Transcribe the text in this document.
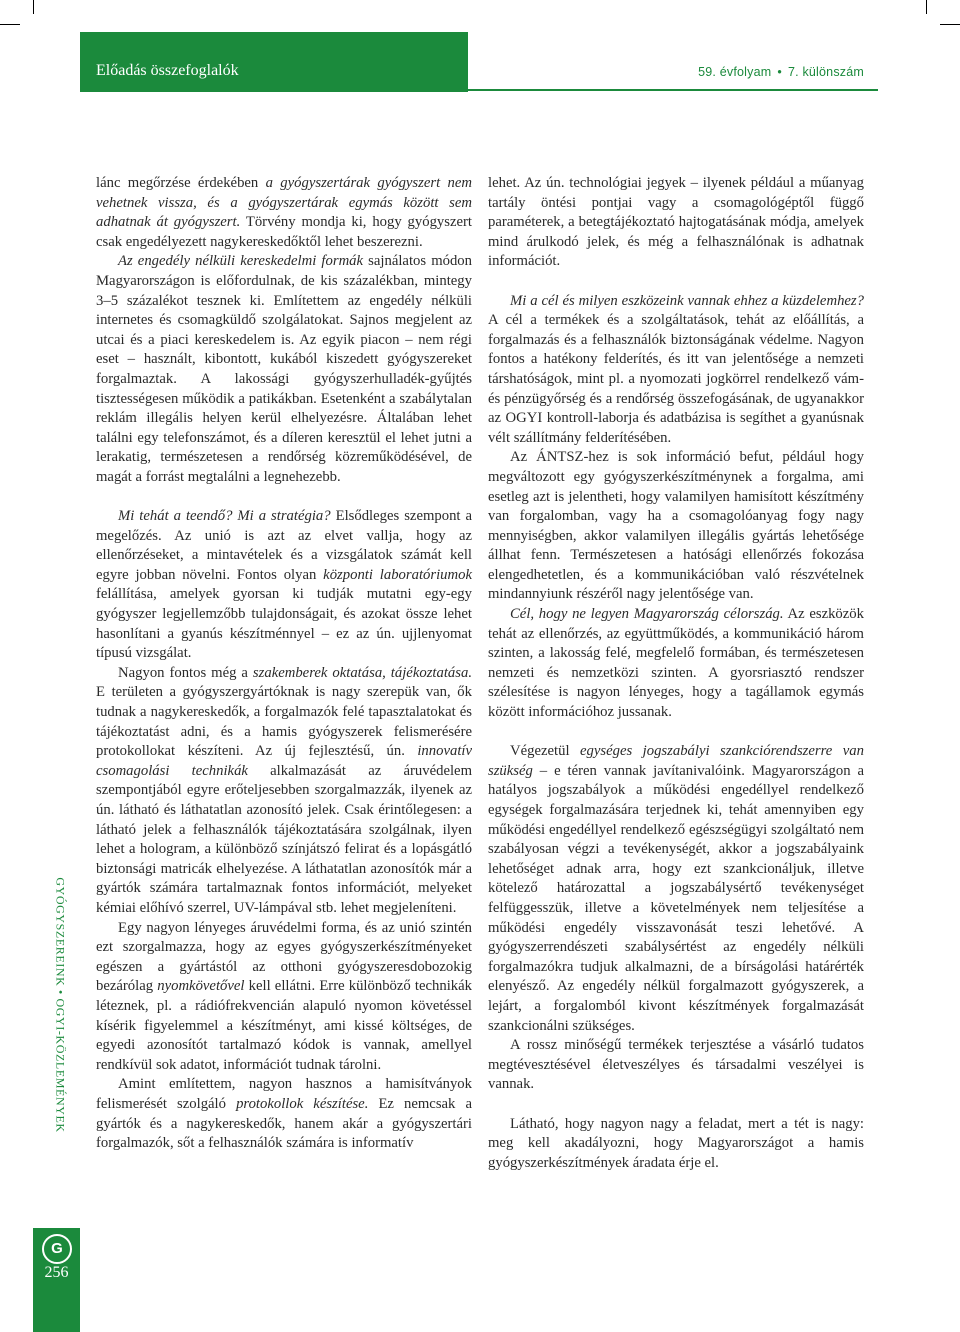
Előadás összefoglalók	59. évfolyam • 7. különszám
GYÓGYSZEREINK • OGYI-KÖZLEMÉNYEK
G
256

lánc megőrzése érdekében a gyógyszertárak gyógyszert nem vehetnek vissza, és a gyógyszertárak egymás között sem adhatnak át gyógyszert. Törvény mondja ki, hogy gyógyszert csak engedélyezett nagykereskedőktől lehet beszerezni.

Az engedély nélküli kereskedelmi formák sajnálatos módon Magyarországon is előfordulnak, de kis százalékban, mintegy 3–5 százalékot tesznek ki. Említettem az engedély nélküli internetes és csomagküldő szolgálatokat. Sajnos megjelent az utcai és a piaci kereskedelem is. Az egyik piacon – nem régi eset – használt, kibontott, kukából kiszedett gyógyszereket forgalmaztak. A lakossági gyógyszerhulladék-gyűjtés tisztességesen működik a patikákban. Esetenként a szabálytalan reklám illegális helyen kerül elhelyezésre. Általában lehet találni egy telefonszámot, és a díleren keresztül el lehet jutni a lerakatig, természetesen a rendőrség közreműködésével, de magát a forrást megtalálni a legnehezebb.

Mi tehát a teendő? Mi a stratégia? Elsődleges szempont a megelőzés. Az unió is azt az elvet vallja, hogy az ellenőrzéseket, a mintavételek és a vizsgálatok számát kell egyre jobban növelni. Fontos olyan központi laboratóriumok felállítása, amelyek gyorsan ki tudják mutatni egy-egy gyógyszer legjellemzőbb tulajdonságait, és azokat össze lehet hasonlítani a gyanús készítménnyel – ez az ún. ujjlenyomat típusú vizsgálat.

Nagyon fontos még a szakemberek oktatása, tájékoztatása. E területen a gyógyszergyártóknak is nagy szerepük van, ők tudnak a nagykereskedők, a forgalmazók felé tapasztalatokat és tájékoztatást adni, és a hamis gyógyszerek felismerésére protokollokat készíteni. Az új fejlesztésű, ún. innovatív csomagolási technikák alkalmazását az áruvédelem szempontjából egyre erőteljesebben szorgalmazzák, ilyenek az ún. látható és láthatatlan azonosító jelek. Csak érintőlegesen: a látható jelek a felhasználók tájékoztatására szolgálnak, ilyen lehet a hologram, a különböző színjátszó felirat és a lopásgátló biztonsági matricák elhelyezése. A láthatatlan azonosítók már a gyártók számára tartalmaznak fontos információt, melyeket kémiai előhívó szerrel, UV-lámpával stb. lehet megjeleníteni.

Egy nagyon lényeges áruvédelmi forma, és az unió szintén ezt szorgalmazza, hogy az egyes gyógyszerkészítményeket egészen a gyártástól az otthoni gyógyszeresdobozokig bezárólag nyomkövetővel kell ellátni. Erre különböző technikák léteznek, pl. a rádiófrekvencián alapuló nyomon követéssel kísérik figyelemmel a készítményt, ami kissé költséges, de egyedi azonosítót tartalmazó kódok is vannak, amellyel rendkívül sok adatot, információt tudnak tárolni.

Amint említettem, nagyon hasznos a hamisítványok felismerését szolgáló protokollok készítése. Ez nemcsak a gyártók és a nagykereskedők, hanem akár a gyógyszertári forgalmazók, sőt a felhasználók számára is informatív

lehet. Az ún. technológiai jegyek – ilyenek például a műanyag tartály öntési pontjai vagy a csomagológéptől függő paraméterek, a betegtájékoztató hajtogatásának módja, amelyek mind árulkodó jelek, és még a felhasználónak is adhatnak információt.

Mi a cél és milyen eszközeink vannak ehhez a küzdelemhez? A cél a termékek és a szolgáltatások, tehát az előállítás, a forgalmazás és a felhasználók biztonságának védelme. Nagyon fontos a hatékony felderítés, és itt van jelentősége a nemzeti társhatóságok, mint pl. a nyomozati jogkörrel rendelkező vám- és pénzügyőrség és a rendőrség összefogásának, de ugyanakkor az OGYI kontroll-laborja és adatbázisa is segíthet a gyanúsnak vélt szállítmány felderítésében.

Az ÁNTSZ-hez is sok információ befut, például hogy megváltozott egy gyógyszerkészítménynek a forgalma, ami esetleg azt is jelentheti, hogy valamilyen hamisított készítmény van forgalomban, vagy ha a csomagolóanyag fogy nagy mennyiségben, akkor valamilyen illegális gyártás lehetősége állhat fenn. Természetesen a hatósági ellenőrzés fokozása elengedhetetlen, és a kommunikációban való részvételnek mindannyiunk részéről nagy jelentősége van.

Cél, hogy ne legyen Magyarország célország. Az eszközök tehát az ellenőrzés, az együttműködés, a kommunikáció három szinten, a lakosság felé, megfelelő formában, és természetesen nemzeti és nemzetközi szinten. A gyorsriasztó rendszer szélesítése is nagyon lényeges, hogy a tagállamok egymás között információhoz jussanak.

Végezetül egységes jogszabályi szankciórendszerre van szükség – e téren vannak javítanivalóink. Magyarországon a hatályos jogszabályok a működési engedéllyel rendelkező egységek forgalmazására terjednek ki, tehát amennyiben egy működési engedéllyel rendelkező egészségügyi szolgáltató nem szabályosan végzi a tevékenységét, akkor a jogszabályaink lehetőséget adnak arra, hogy ezt szankcionáljuk, illetve kötelező határozattal a jogszabálysértő tevékenységet felfüggesszük, illetve a követelmények nem teljesítése a működési engedély visszavonását teszi lehetővé. A gyógyszerrendészeti szabálysértést az engedély nélküli forgalmazókra tudjuk alkalmazni, de a bírságolási határérték elenyésző. Az engedély nélkül forgalmazott gyógyszerek, a lejárt, a forgalomból kivont készítmények forgalmazását szankcionálni szükséges.

A rossz minőségű termékek terjesztése a vásárló tudatos megtévesztésével életveszélyes és társadalmi veszélyei is vannak.

Látható, hogy nagyon nagy a feladat, mert a tét is nagy: meg kell akadályozni, hogy Magyarországot a hamis gyógyszerkészítmények áradata érje el.
